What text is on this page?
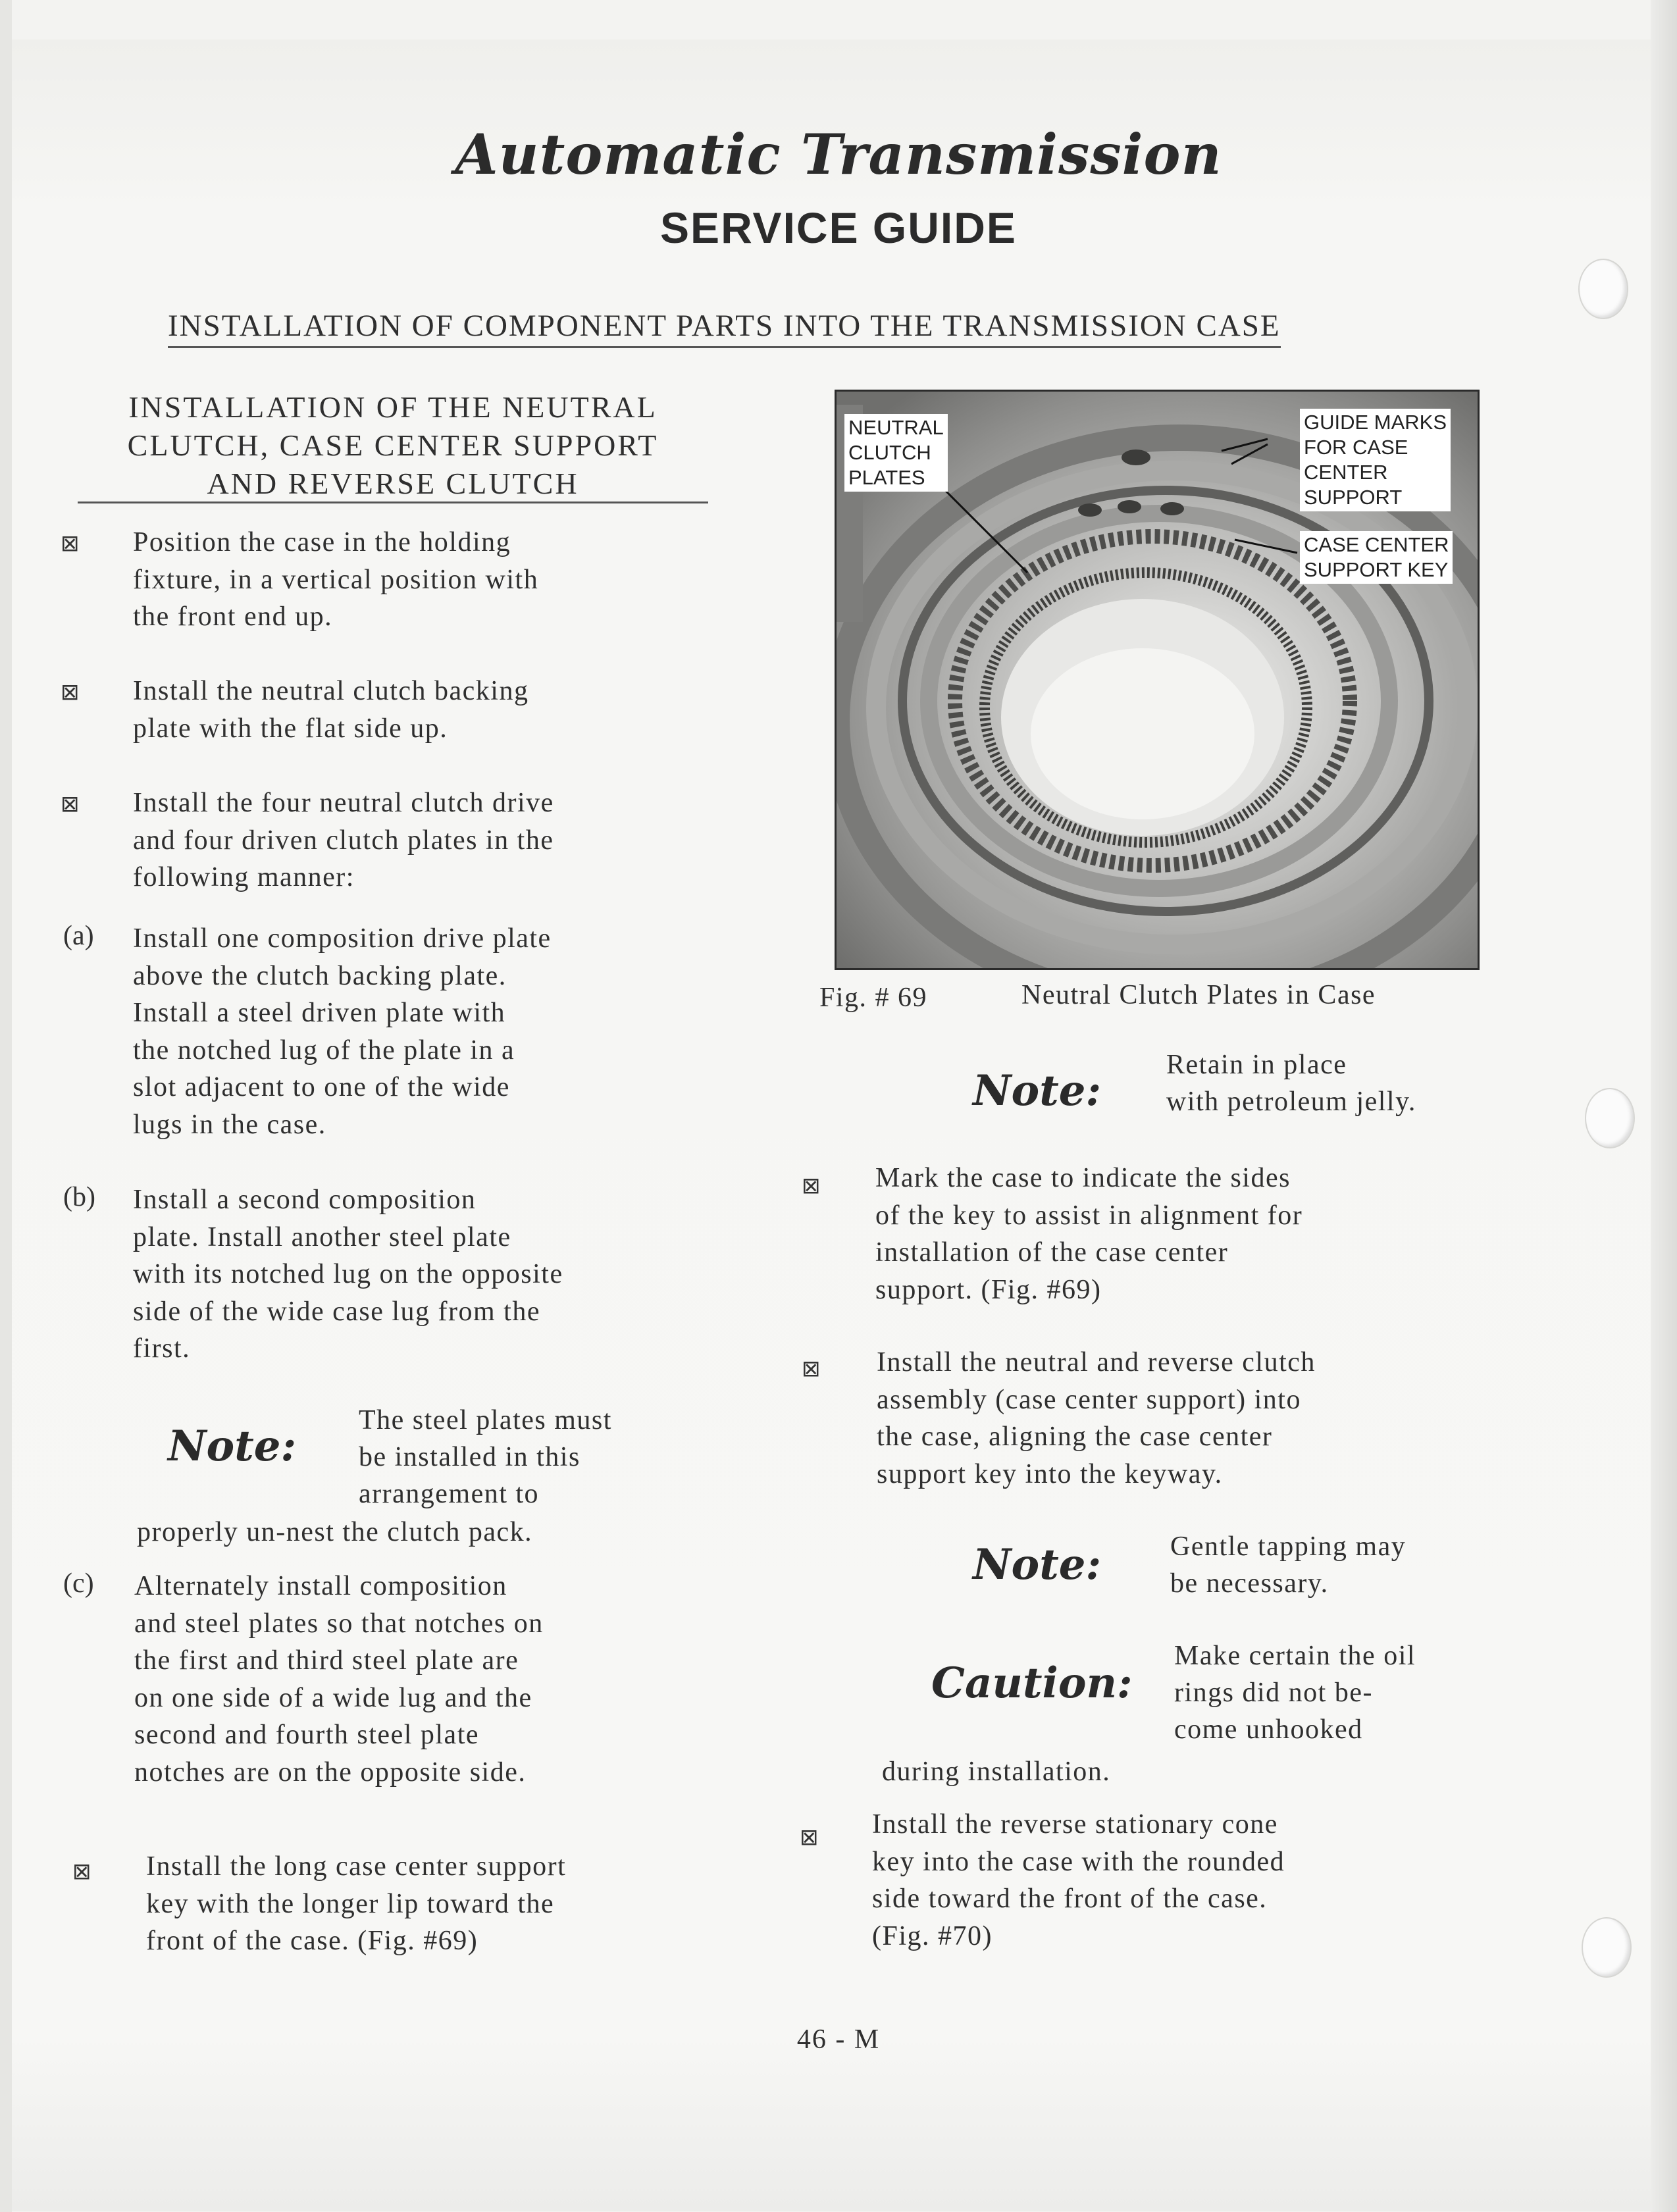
Automatic Transmission
SERVICE GUIDE
INSTALLATION OF COMPONENT PARTS INTO THE TRANSMISSION CASE
INSTALLATION OF THE NEUTRAL
CLUTCH, CASE CENTER SUPPORT
AND REVERSE CLUTCH
⊠ Position the case in the holding
fixture, in a vertical position with
the front end up.
⊠ Install the neutral clutch backing
plate with the flat side up.
⊠ Install the four neutral clutch drive
and four driven clutch plates in the
following manner:
(a) Install one composition drive plate
above the clutch backing plate.
Install a steel driven plate with
the notched lug of the plate in a
slot adjacent to one of the wide
lugs in the case.
(b) Install a second composition
plate. Install another steel plate
with its notched lug on the opposite
side of the wide case lug from the
first.
Note:
The steel plates must
be installed in this
arrangement to
properly un-nest the clutch pack.
(c) Alternately install composition
and steel plates so that notches on
the first and third steel plate are
on one side of a wide lug and the
second and fourth steel plate
notches are on the opposite side.
⊠ Install the long case center support
key with the longer lip toward the
front of the case. (Fig. #69)
NEUTRAL
CLUTCH
PLATES
GUIDE MARKS
FOR CASE
CENTER
SUPPORT
CASE CENTER
SUPPORT KEY
Fig. # 69	Neutral Clutch Plates in Case
Note:
Retain in place
with petroleum jelly.
⊠ Mark the case to indicate the sides
of the key to assist in alignment for
installation of the case center
support. (Fig. #69)
⊠ Install the neutral and reverse clutch
assembly (case center support) into
the case, aligning the case center
support key into the keyway.
Note: Gentle tapping may
be necessary.
Caution:
Make certain the oil
rings did not be-
come unhooked
during installation.
⊠ Install the reverse stationary cone
key into the case with the rounded
side toward the front of the case.
(Fig. #70)
46 - M
